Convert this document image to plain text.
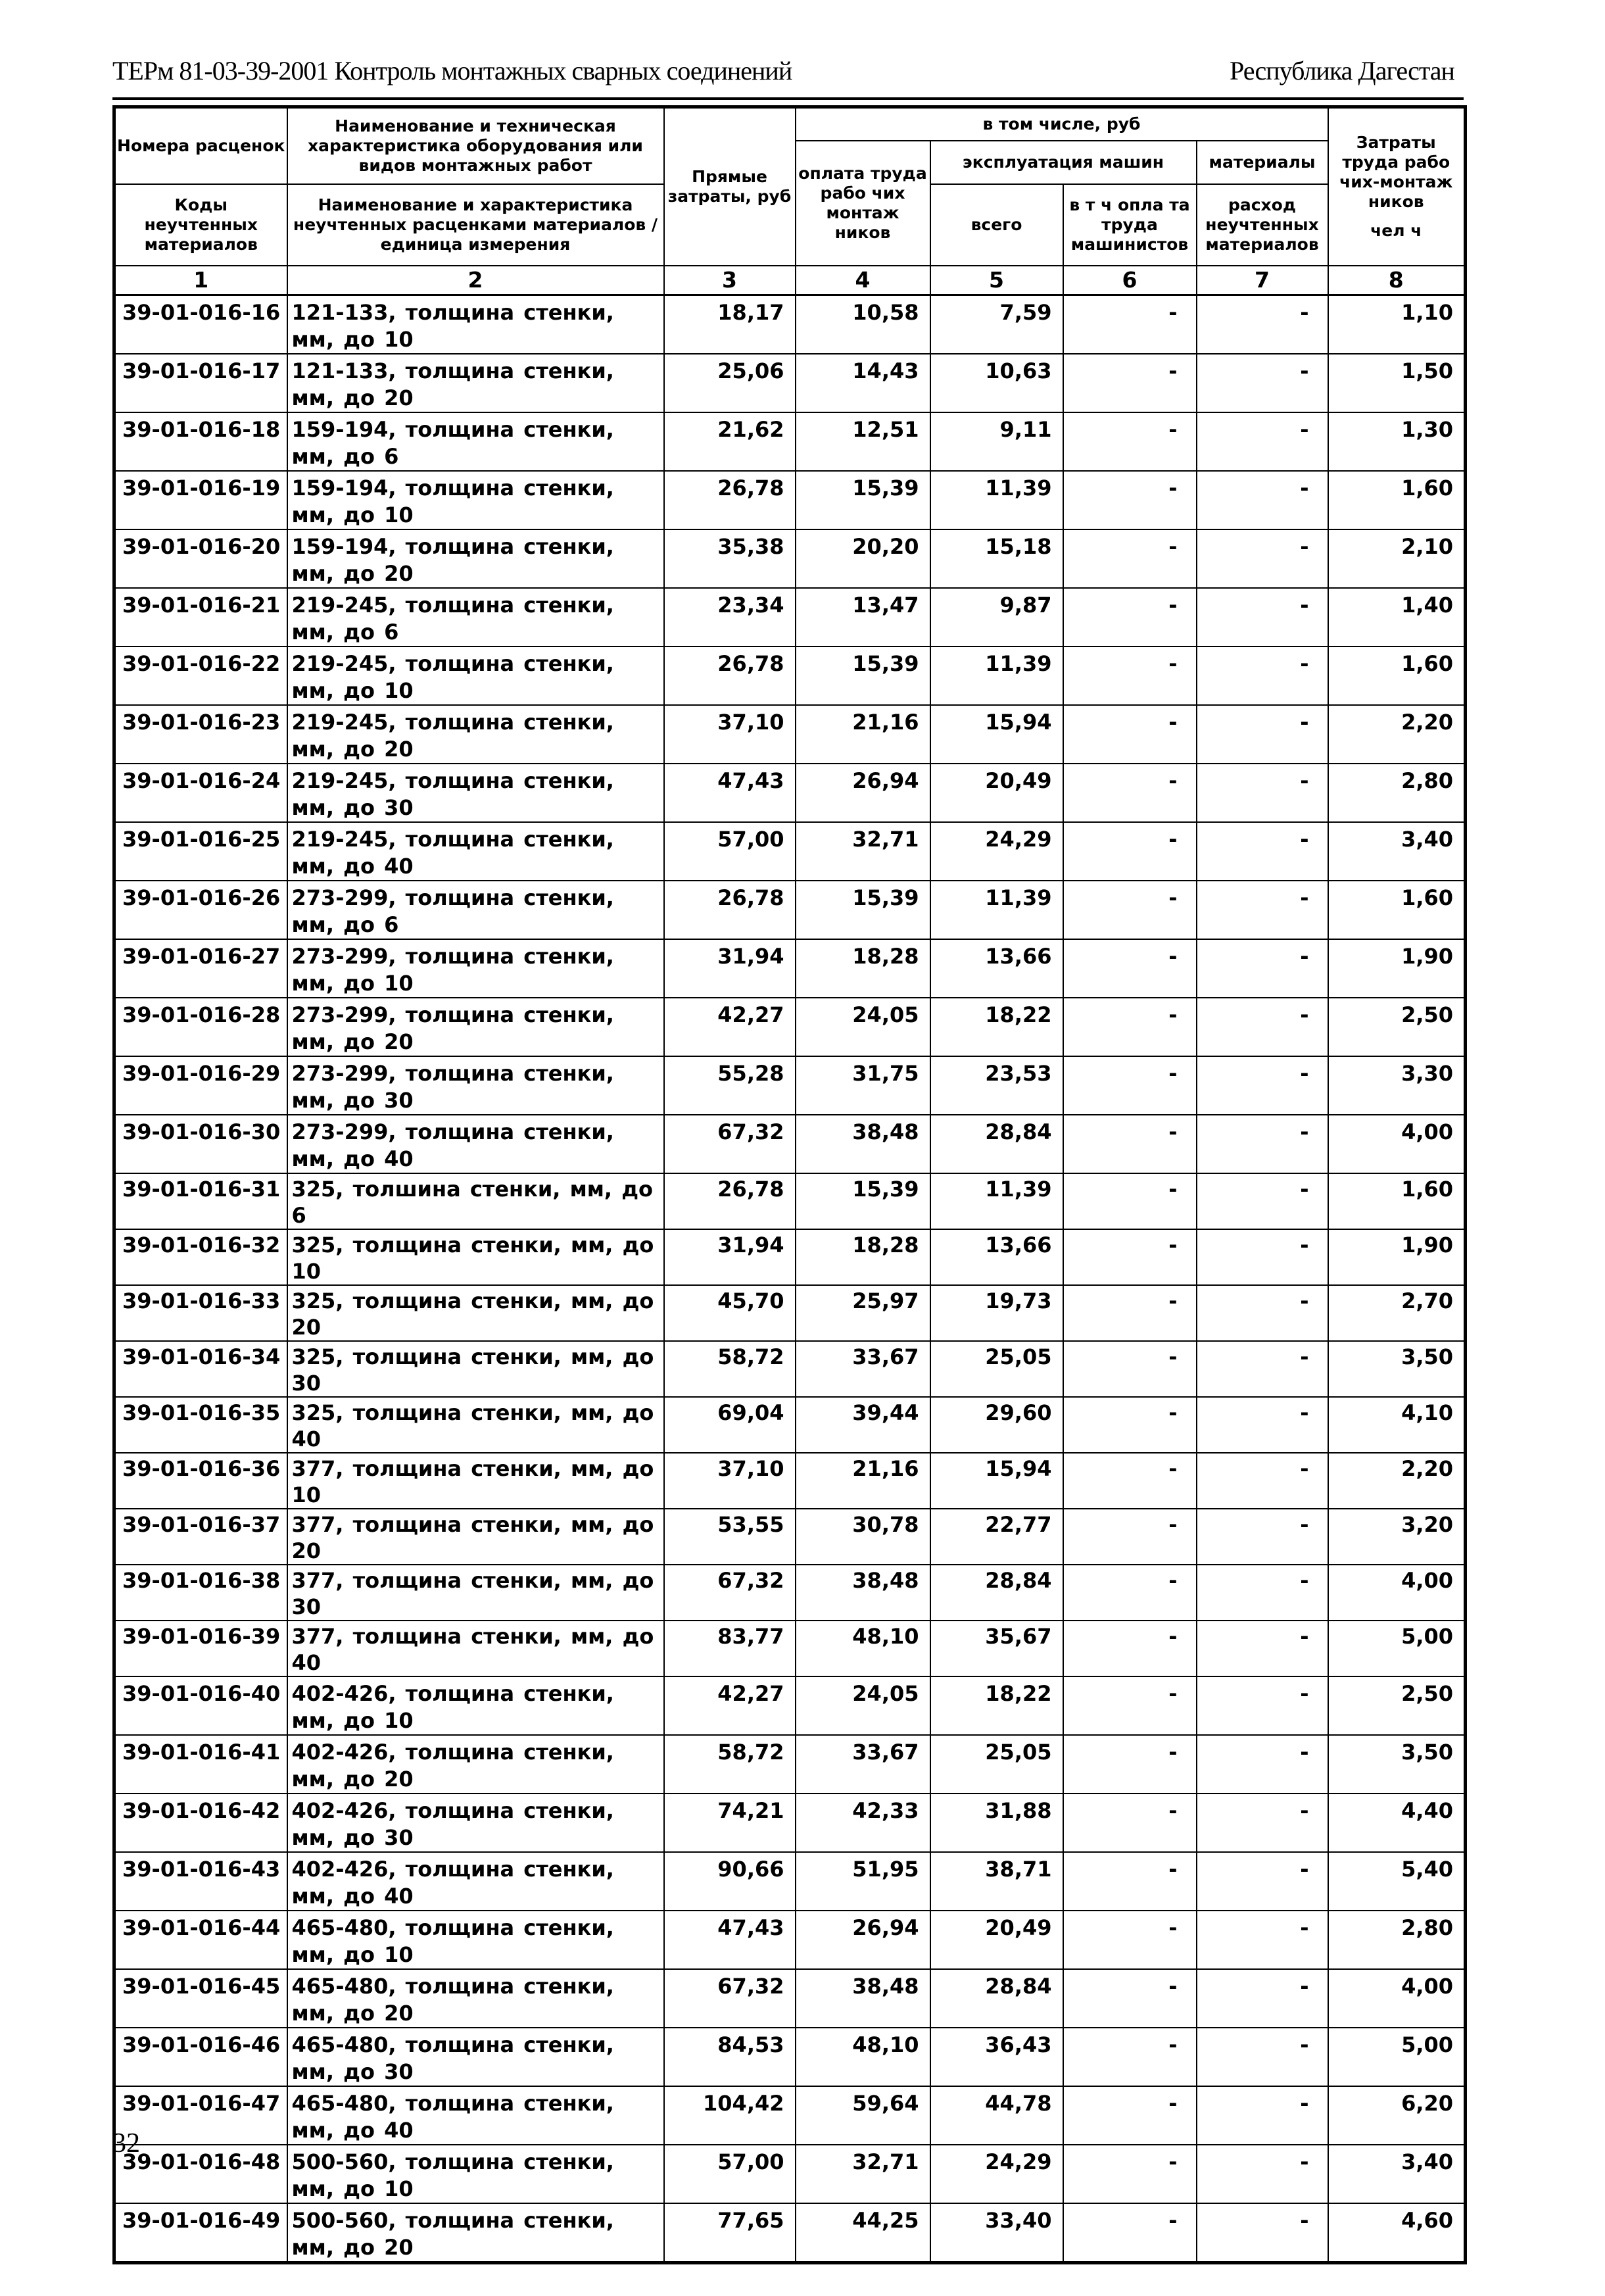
ТЕРм 81-03-39-2001 Контроль монтажных сварных соединений	Республика Дагестан
Номера расценок	Наименование и техническая характеристика оборудования или видов монтажных работ	Прямые затраты, руб	в том числе, руб				Затраты труда рабо чих-монтаж ников
чел ч

			оплата труда рабо чих монтаж ников	эксплуатация машин		материалы	
Коды неучтенных материалов	Наименование и характеристика неучтенных расценками материалов / единица измерения			всего	в т ч опла та труда машинистов	расход неучтенных материалов	

1	2	3	4	5	6	7	8
39-01-016-16	121-133, толщина стенки, мм, до 10	18,17	10,58	7,59	-	-	1,10
39-01-016-17	121-133, толщина стенки, мм, до 20	25,06	14,43	10,63	-	-	1,50
39-01-016-18	159-194, толщина стенки, мм, до 6	21,62	12,51	9,11	-	-	1,30
39-01-016-19	159-194, толщина стенки, мм, до 10	26,78	15,39	11,39	-	-	1,60
39-01-016-20	159-194, толщина стенки, мм, до 20	35,38	20,20	15,18	-	-	2,10
39-01-016-21	219-245, толщина стенки, мм, до 6	23,34	13,47	9,87	-	-	1,40
39-01-016-22	219-245, толщина стенки, мм, до 10	26,78	15,39	11,39	-	-	1,60
39-01-016-23	219-245, толщина стенки, мм, до 20	37,10	21,16	15,94	-	-	2,20
39-01-016-24	219-245, толщина стенки, мм, до 30	47,43	26,94	20,49	-	-	2,80
39-01-016-25	219-245, толщина стенки, мм, до 40	57,00	32,71	24,29	-	-	3,40
39-01-016-26	273-299, толщина стенки, мм, до 6	26,78	15,39	11,39	-	-	1,60
39-01-016-27	273-299, толщина стенки, мм, до 10	31,94	18,28	13,66	-	-	1,90
39-01-016-28	273-299, толщина стенки, мм, до 20	42,27	24,05	18,22	-	-	2,50
39-01-016-29	273-299, толщина стенки, мм, до 30	55,28	31,75	23,53	-	-	3,30
39-01-016-30	273-299, толщина стенки, мм, до 40	67,32	38,48	28,84	-	-	4,00
39-01-016-31	325, толшина стенки, мм, до 6	26,78	15,39	11,39	-	-	1,60
39-01-016-32	325, толщина стенки, мм, до 10	31,94	18,28	13,66	-	-	1,90
39-01-016-33	325, толщина стенки, мм, до 20	45,70	25,97	19,73	-	-	2,70
39-01-016-34	325, толщина стенки, мм, до 30	58,72	33,67	25,05	-	-	3,50
39-01-016-35	325, толщина стенки, мм, до 40	69,04	39,44	29,60	-	-	4,10
39-01-016-36	377, толщина стенки, мм, до 10	37,10	21,16	15,94	-	-	2,20
39-01-016-37	377, толщина стенки, мм, до 20	53,55	30,78	22,77	-	-	3,20
39-01-016-38	377, толщина стенки, мм, до 30	67,32	38,48	28,84	-	-	4,00
39-01-016-39	377, толщина стенки, мм, до 40	83,77	48,10	35,67	-	-	5,00
39-01-016-40	402-426, толщина стенки, мм, до 10	42,27	24,05	18,22	-	-	2,50
39-01-016-41	402-426, толщина стенки, мм, до 20	58,72	33,67	25,05	-	-	3,50
39-01-016-42	402-426, толщина стенки, мм, до 30	74,21	42,33	31,88	-	-	4,40
39-01-016-43	402-426, толщина стенки, мм, до 40	90,66	51,95	38,71	-	-	5,40
39-01-016-44	465-480, толщина стенки, мм, до 10	47,43	26,94	20,49	-	-	2,80
39-01-016-45	465-480, толщина стенки, мм, до 20	67,32	38,48	28,84	-	-	4,00
39-01-016-46	465-480, толщина стенки, мм, до 30	84,53	48,10	36,43	-	-	5,00
39-01-016-47	465-480, толщина стенки, мм, до 40	104,42	59,64	44,78	-	-	6,20
39-01-016-48	500-560, толщина стенки, мм, до 10	57,00	32,71	24,29	-	-	3,40
39-01-016-49	500-560, толщина стенки, мм, до 20	77,65	44,25	33,40	-	-	4,60
32
